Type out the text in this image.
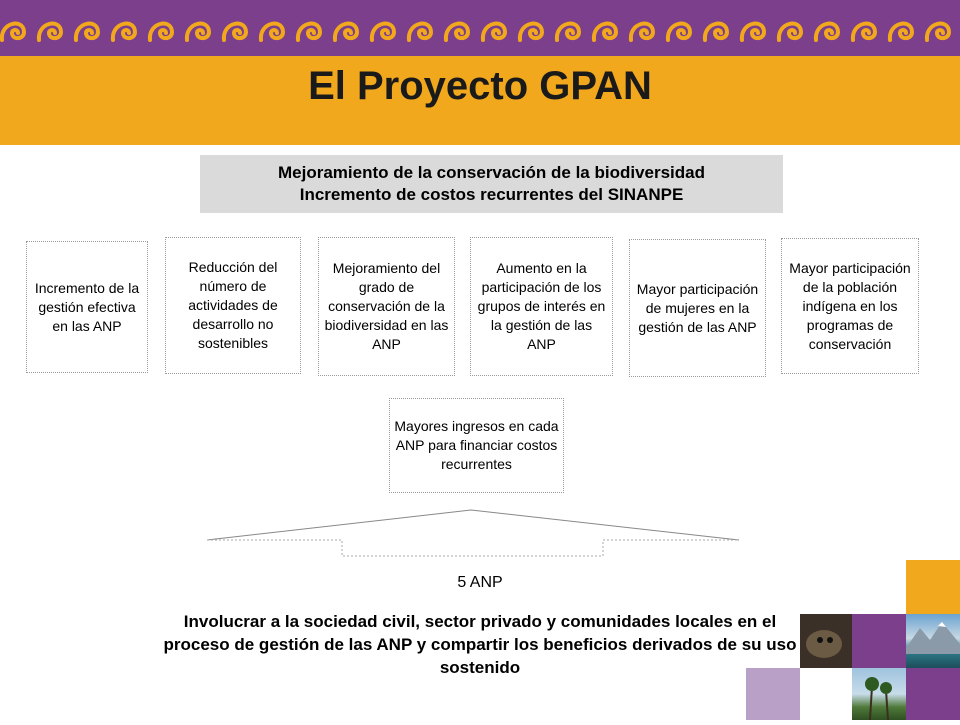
El Proyecto GPAN
Mejoramiento de la conservación de la biodiversidad
Incremento de costos recurrentes del SINANPE
Incremento de la gestión efectiva en las ANP
Reducción del número de actividades de desarrollo no sostenibles
Mejoramiento del grado de conservación de la biodiversidad en las ANP
Aumento en la participación de los grupos de interés en la gestión de las ANP
Mayor participación de mujeres en la gestión de las ANP
Mayor participación de la población indígena en los programas de conservación
Mayores ingresos en cada ANP para financiar costos recurrentes
5 ANP
Involucrar a la sociedad civil, sector privado y comunidades locales en el proceso de gestión de las ANP y compartir los beneficios derivados de su uso sostenido
